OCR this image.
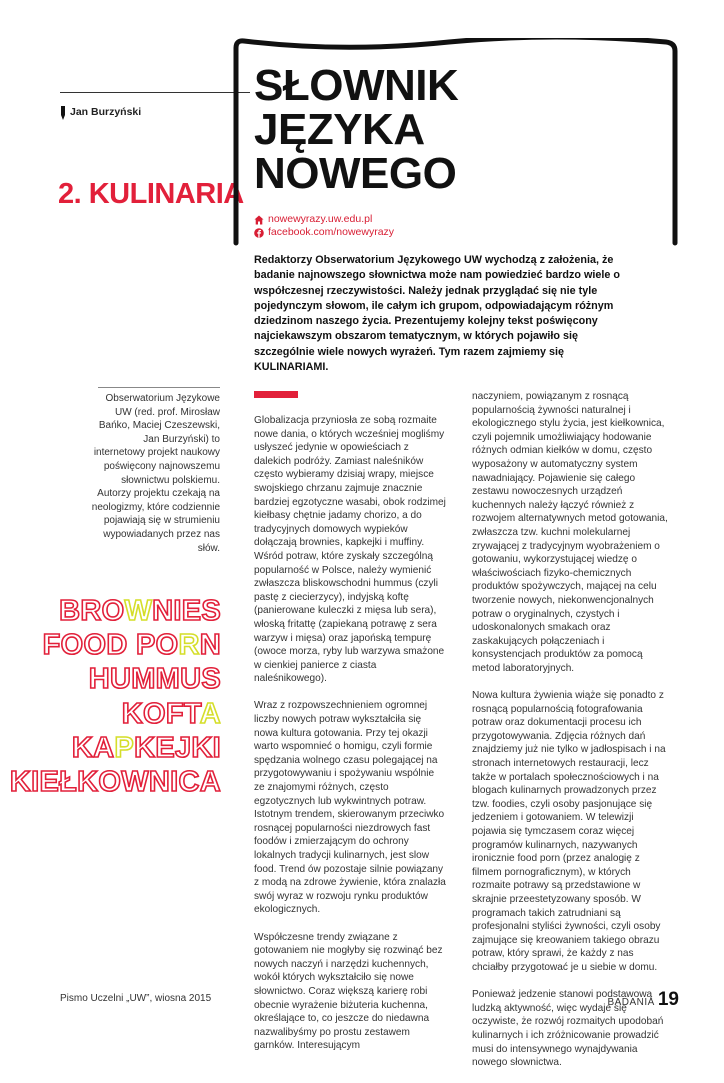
Jan Burzyński
2. KULINARIA
SŁOWNIK
JĘZYKA
NOWEGO
nowewyrazy.uw.edu.pl
facebook.com/nowewyrazy
Redaktorzy Obserwatorium Językowego UW wychodzą z założenia, że badanie najnowszego słownictwa może nam powiedzieć bardzo wiele o współczesnej rzeczywistości. Należy jednak przyglądać się nie tyle pojedynczym słowom, ile całym ich grupom, odpowiadającym różnym dziedzinom naszego życia. Prezentujemy kolejny tekst poświęcony najciekawszym obszarom tematycznym, w których pojawiło się szczególnie wiele nowych wyrażeń. Tym razem zajmiemy się KULINARIAMI.
Obserwatorium Językowe UW (red. prof. Mirosław Bańko, Maciej Czeszewski, Jan Burzyński) to internetowy projekt naukowy poświęcony najnowszemu słownictwu polskiemu. Autorzy projektu czekają na neologizmy, które codziennie pojawiają się w strumieniu wypowiadanych przez nas słów.
BROWNIES
FOOD PORN
HUMMUS
KOFTA
KAPKEJKI
KIEŁKOWNICA

Globalizacja przyniosła ze sobą rozmaite nowe dania, o których wcześniej mogliśmy usłyszeć jedynie w opowieściach z dalekich podróży. Zamiast naleśników często wybieramy dzisiaj wrapy, miejsce swojskiego chrzanu zajmuje znacznie bardziej egzotyczne wasabi, obok rodzimej kiełbasy chętnie jadamy chorizo, a do tradycyjnych domowych wypieków dołączają brownies, kapkejki i muffiny. Wśród potraw, które zyskały szczególną popularność w Polsce, należy wymienić zwłaszcza bliskowschodni hummus (czyli pastę z ciecierzycy), indyjską koftę (panierowane kuleczki z mięsa lub sera), włoską fritattę (zapiekaną potrawę z sera warzyw i mięsa) oraz japońską tempurę (owoce morza, ryby lub warzywa smażone w cienkiej panierce z ciasta naleśnikowego).

Wraz z rozpowszechnieniem ogromnej liczby nowych potraw wykształciła się nowa kultura gotowania. Przy tej okazji warto wspomnieć o homigu, czyli formie spędzania wolnego czasu polegającej na przygotowywaniu i spożywaniu wspólnie ze znajomymi różnych, często egzotycznych lub wykwintnych potraw. Istotnym trendem, skierowanym przeciwko rosnącej popularności niezdrowych fast foodów i zmierzającym do ochrony lokalnych tradycji kulinarnych, jest slow food. Trend ów pozostaje silnie powiązany z modą na zdrowe żywienie, która znalazła swój wyraz w rozwoju rynku produktów ekologicznych.

Współczesne trendy związane z gotowaniem nie mogłyby się rozwinąć bez nowych naczyń i narzędzi kuchennych, wokół których wykształciło się nowe słownictwo. Coraz większą karierę robi obecnie wyrażenie biżuteria kuchenna, określające to, co jeszcze do niedawna nazwalibyśmy po prostu zestawem garnków. Interesującym

naczyniem, powiązanym z rosnącą popularnością żywności naturalnej i ekologicznego stylu życia, jest kiełkownica, czyli pojemnik umożliwiający hodowanie różnych odmian kiełków w domu, często wyposażony w automatyczny system nawadniający. Pojawienie się całego zestawu nowoczesnych urządzeń kuchennych należy łączyć również z rozwojem alternatywnych metod gotowania, zwłaszcza tzw. kuchni molekularnej zrywającej z tradycyjnym wyobrażeniem o gotowaniu, wykorzystującej wiedzę o właściwościach fizyko-chemicznych produktów spożywczych, mającej na celu tworzenie nowych, niekonwencjonalnych potraw o oryginalnych, czystych i udoskonalonych smakach oraz zaskakujących połączeniach i konsystencjach produktów za pomocą metod laboratoryjnych.

Nowa kultura żywienia wiąże się ponadto z rosnącą popularnością fotografowania potraw oraz dokumentacji procesu ich przygotowywania. Zdjęcia różnych dań znajdziemy już nie tylko w jadłospisach i na stronach internetowych restauracji, lecz także w portalach społecznościowych i na blogach kulinarnych prowadzonych przez tzw. foodies, czyli osoby pasjonujące się jedzeniem i gotowaniem. W telewizji pojawia się tymczasem coraz więcej programów kulinarnych, nazywanych ironicznie food porn (przez analogię z filmem pornograficznym), w których rozmaite potrawy są przedstawione w skrajnie przeestetyzowany sposób. W programach takich zatrudniani są profesjonalni styliści żywności, czyli osoby zajmujące się kreowaniem takiego obrazu potraw, który sprawi, że każdy z nas chciałby przygotować je u siebie w domu.

Ponieważ jedzenie stanowi podstawową ludzką aktywność, więc wydaje się oczywiste, że rozwój rozmaitych upodobań kulinarnych i ich zróżnicowanie prowadzić musi do intensywnego wynajdywania nowego słownictwa.

Pismo Uczelni „UW”, wiosna 2015	BADANIA 19
